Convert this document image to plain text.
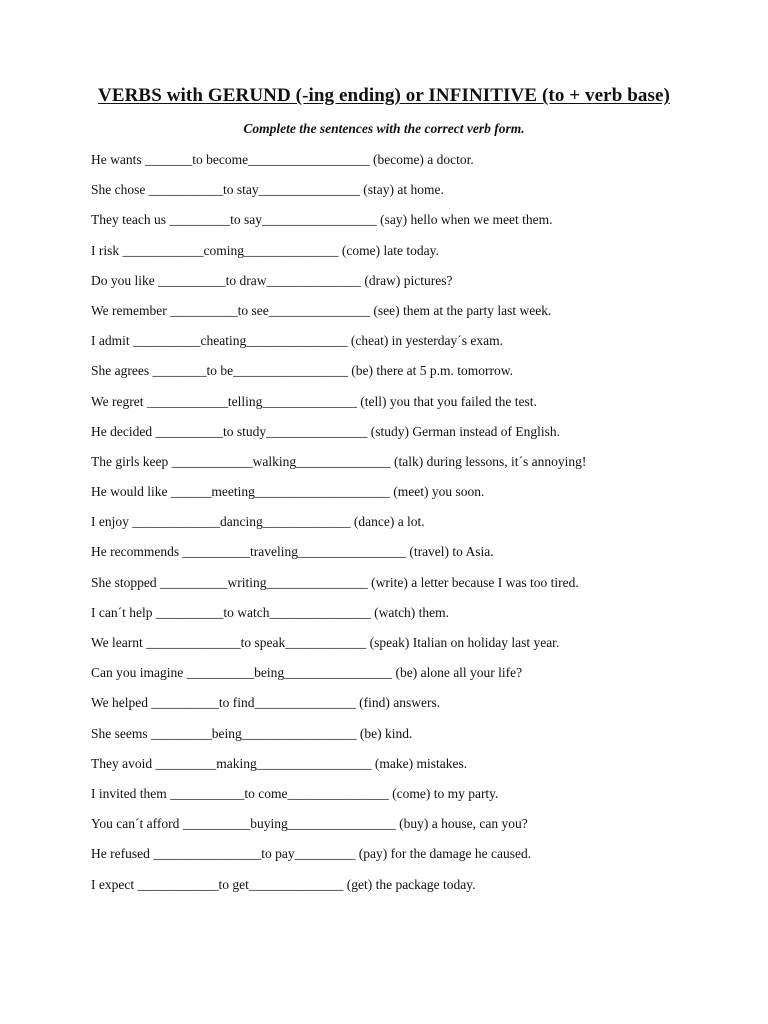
VERBS with GERUND (-ing ending) or INFINITIVE (to + verb base)
Complete the sentences with the correct verb form.
He wants _______to become__________________ (become) a doctor.
She chose ___________to stay_______________ (stay) at home.
They teach us _________to say_________________ (say) hello when we meet them.
I risk ____________coming______________ (come) late today.
Do you like __________to draw______________ (draw) pictures?
We remember __________to see_______________ (see) them at the party last week.
I admit __________cheating_______________ (cheat) in yesterday´s exam.
She agrees ________to be_________________ (be) there at 5 p.m. tomorrow.
We regret ____________telling______________ (tell) you that you failed the test.
He decided __________to study_______________ (study) German instead of English.
The girls keep ____________walking______________ (talk) during lessons, it´s annoying!
He would like ______meeting____________________ (meet) you soon.
I enjoy _____________dancing_____________ (dance) a lot.
He recommends __________traveling________________ (travel) to Asia.
She stopped __________writing_______________ (write) a letter because I was too tired.
I can´t help __________to watch_______________ (watch) them.
We learnt ______________to speak____________ (speak) Italian on holiday last year.
Can you imagine __________being________________ (be) alone all your life?
We helped __________to find_______________ (find) answers.
She seems _________being_________________ (be) kind.
They avoid _________making_________________ (make) mistakes.
I invited them ___________to come_______________ (come) to my party.
You can´t afford __________buying________________ (buy) a house, can you?
He refused ________________to pay_________ (pay) for the damage he caused.
I expect ____________to get______________ (get) the package today.
